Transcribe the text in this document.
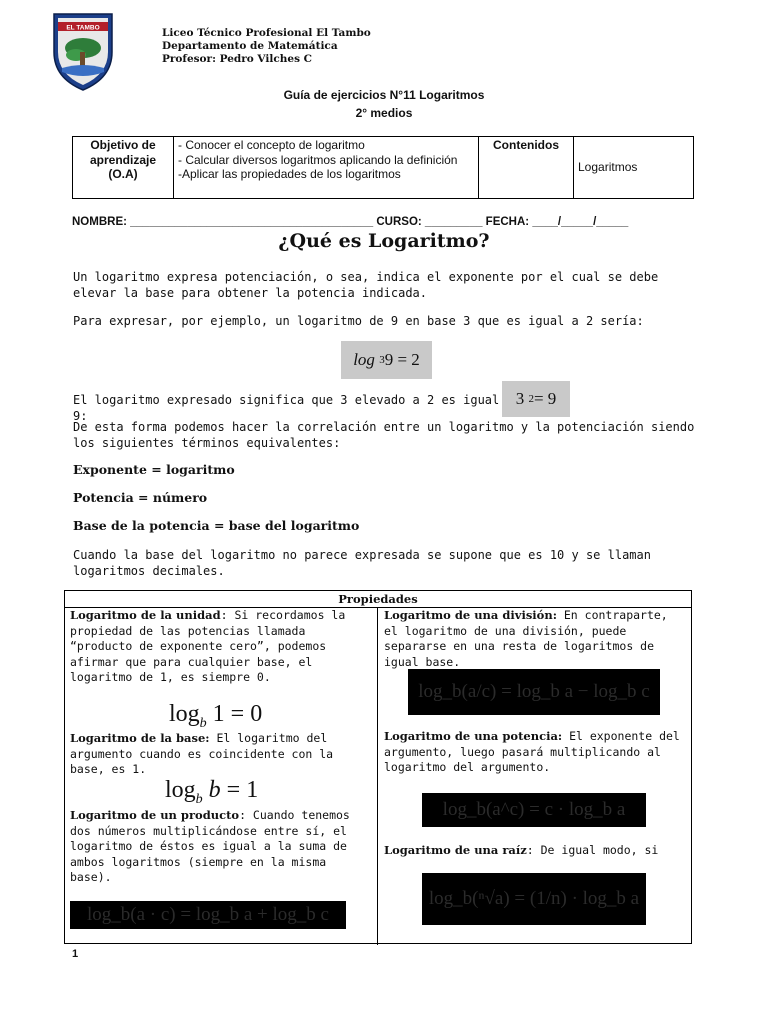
EL TAMBO	Liceo Técnico Profesional El Tambo
Departamento de Matemática
Profesor: Pedro Vilches C
Guía de ejercicios N°11 Logaritmos
2° medios
Objetivo de aprendizaje (O.A)	
- Conocer el concepto de logaritmo
- Calcular diversos logaritmos aplicando la definición
-Aplicar las propiedades de los logaritmos
	Contenidos	Logaritmos
NOMBRE: ______________________________________ CURSO: _________ FECHA: ____/_____/_____
¿Qué es Logaritmo?
Un logaritmo expresa potenciación, o sea, indica el exponente por el cual se debe elevar la base para obtener la potencia indicada.
Para expresar, por ejemplo, un logaritmo de 9 en base 3 que es igual a 2 sería:
log
3 9 = 2
El logaritmo expresado significa que 3 elevado a 2 es igual 9:
3
2 = 9
De esta forma podemos hacer la correlación entre un logaritmo y la potenciación siendo los siguientes términos equivalentes:
Exponente = logaritmo
Potencia = número
Base de la potencia = base del logaritmo
Cuando la base del logaritmo no parece expresada se supone que es 10 y se llaman logaritmos decimales.
Propiedades
Logaritmo de la unidad: Si recordamos la propiedad de las potencias llamada “producto de exponente cero”, podemos afirmar que para cualquier base, el logaritmo de 1, es siempre 0.
$\log_b 1 = 0$
Logaritmo de la base: El logaritmo del argumento cuando es coincidente con la base, es 1.
$\log_b b = 1$
Logaritmo de un producto: Cuando tenemos dos números multiplicándose entre sí, el logaritmo de éstos es igual a la suma de ambos logaritmos (siempre en la misma base).
log_b(a · c) = log_b a + log_b c
Logaritmo de una división: En contraparte, el logaritmo de una división, puede separarse en una resta de logaritmos de igual base.
log_b(a/c) = log_b a − log_b c
Logaritmo de una potencia: El exponente del argumento, luego pasará multiplicando al logaritmo del argumento.
log_b(a^c) = c · log_b a
Logaritmo de una raíz: De igual modo, si
log_b(ⁿ√a) = (1/n) · log_b a
1
